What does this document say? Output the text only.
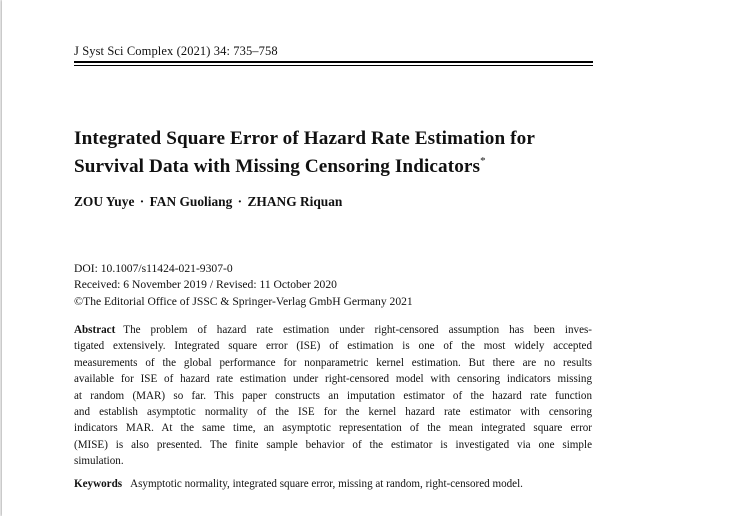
J Syst Sci Complex (2021) 34: 735–758
Integrated Square Error of Hazard Rate Estimation for
Survival Data with Missing Censoring Indicators*
ZOU Yuye · FAN Guoliang · ZHANG Riquan
DOI: 10.1007/s11424-021-9307-0
Received: 6 November 2019 / Revised: 11 October 2020
©The Editorial Office of JSSC & Springer-Verlag GmbH Germany 2021
Abstract The problem of hazard rate estimation under right-censored assumption has been inves-
tigated extensively. Integrated square error (ISE) of estimation is one of the most widely accepted
measurements of the global performance for nonparametric kernel estimation. But there are no results
available for ISE of hazard rate estimation under right-censored model with censoring indicators missing
at random (MAR) so far. This paper constructs an imputation estimator of the hazard rate function
and establish asymptotic normality of the ISE for the kernel hazard rate estimator with censoring
indicators MAR. At the same time, an asymptotic representation of the mean integrated square error
(MISE) is also presented. The finite sample behavior of the estimator is investigated via one simple
simulation.
Keywords Asymptotic normality, integrated square error, missing at random, right-censored model.
